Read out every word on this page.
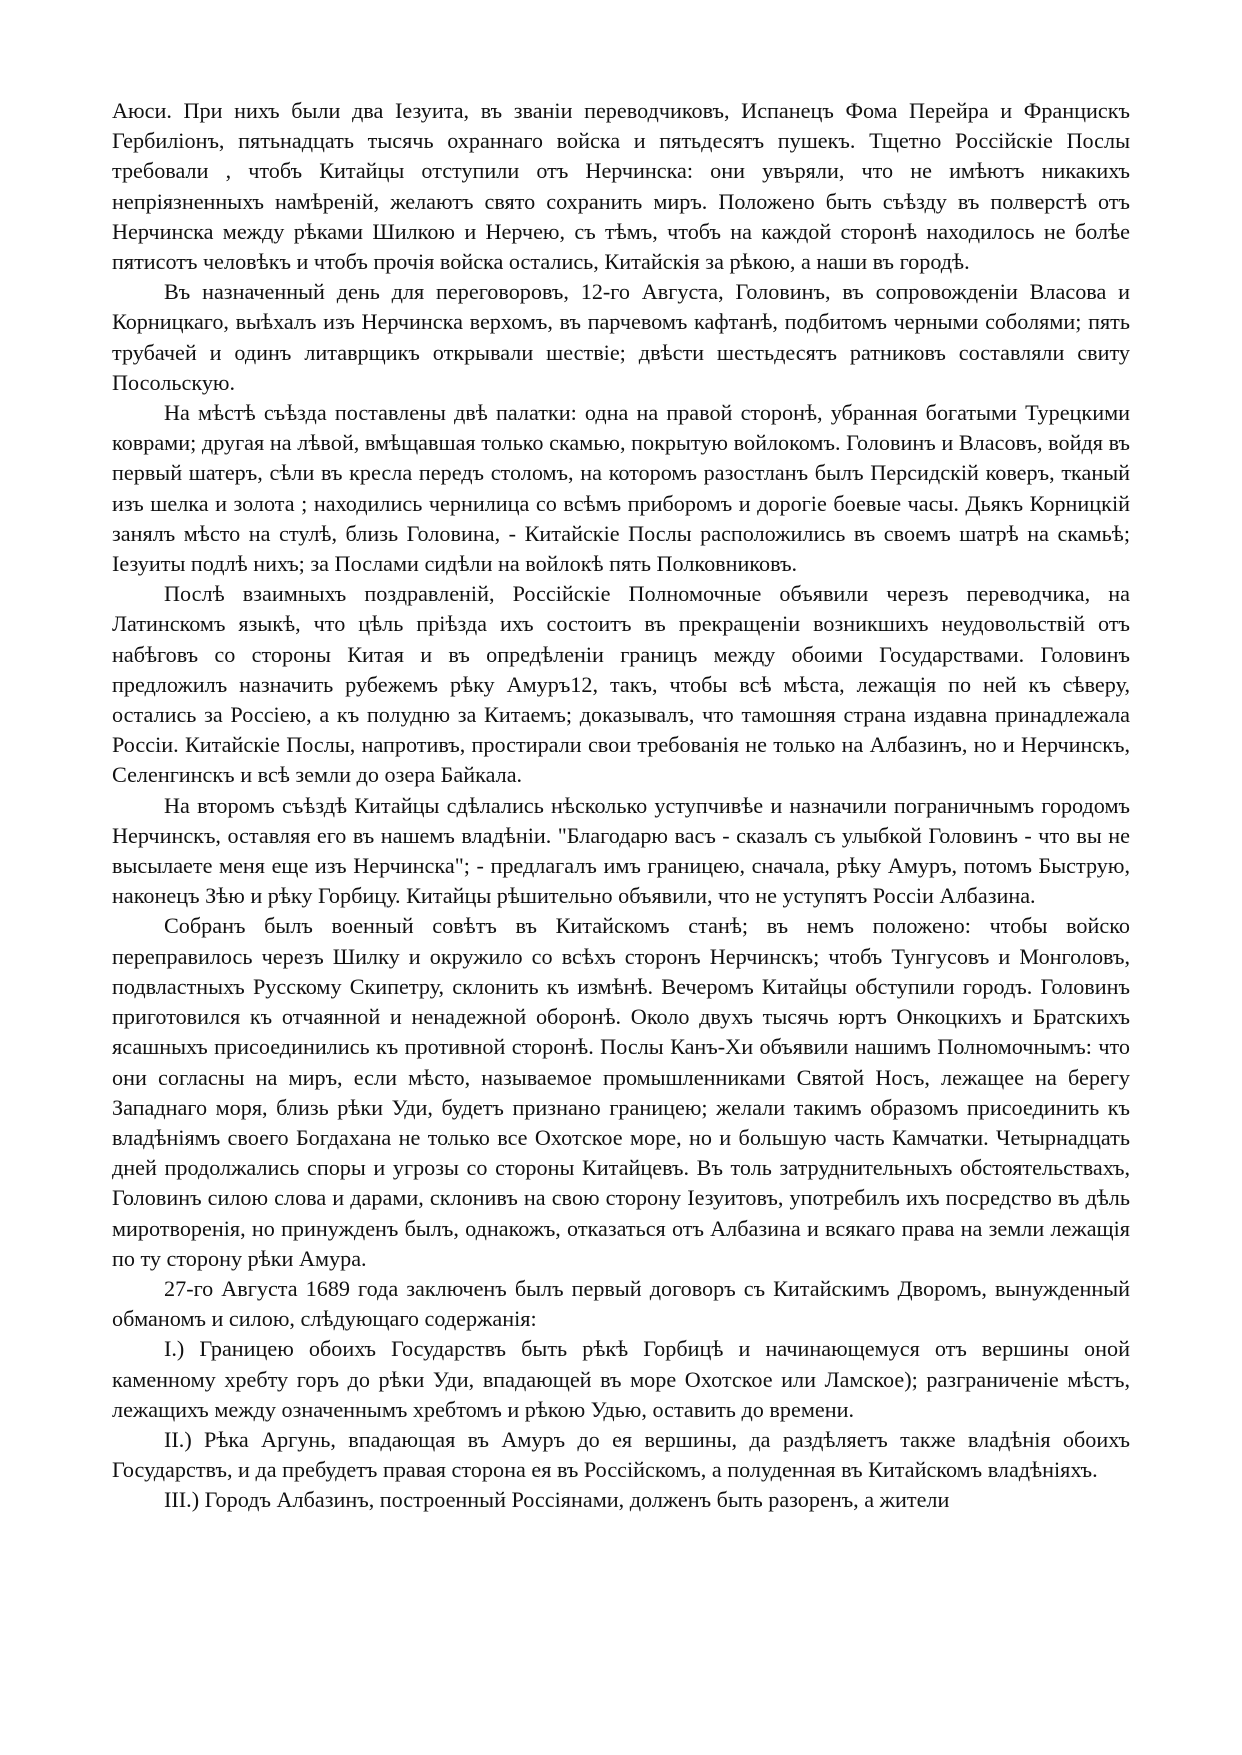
Аюси. При нихъ были два Iезуита, въ званiи переводчиковъ, Испанецъ Фома Перейра и Францискъ Гербилiонъ, пятьнадцать тысячь охраннаго войска и пятьдесятъ пушекъ. Тщетно Россiйскiе Послы требовали , чтобъ Китайцы отступили отъ Нерчинска: они увъряли, что не имѣютъ никакихъ непрiязненныхъ намѣренiй, желаютъ свято сохранить миръ. Положено быть съѣзду въ полверстѣ отъ Нерчинска между рѣками Шилкою и Нерчею, съ тѣмъ, чтобъ на каждой сторонѣ находилось не болѣе пятисотъ человѣкъ и чтобъ прочiя войска остались, Китайскiя за рѣкою, а наши въ городѣ.

Въ назначенный день для переговоровъ, 12-го Августа, Головинъ, въ сопровожденiи Власова и Корницкаго, выѣхалъ изъ Нерчинска верхомъ, въ парчевомъ кафтанѣ, подбитомъ черными соболями; пять трубачей и одинъ литаврщикъ открывали шествiе; двѣсти шестьдесятъ ратниковъ составляли свиту Посольскую.

На мѣстѣ съѣзда поставлены двѣ палатки: одна на правой сторонѣ, убранная богатыми Турецкими коврами; другая на лѣвой, вмѣщавшая только скамью, покрытую войлокомъ. Головинъ и Власовъ, войдя въ первый шатеръ, сѣли въ кресла передъ столомъ, на которомъ разостланъ былъ Персидскiй коверъ, тканый изъ шелка и золота ; находились чернилица со всѣмъ приборомъ и дорогiе боевые часы. Дьякъ Корницкiй занялъ мѣсто на стулѣ, близь Головина, - Китайскiе Послы расположились въ своемъ шатрѣ на скамьѣ; Iезуиты подлѣ нихъ; за Послами сидѣли на войлокѣ пять Полковниковъ.

Послѣ взаимныхъ поздравленiй, Россiйскiе Полномочные объявили черезъ переводчика, на Латинскомъ языкѣ, что цѣль прiѣзда ихъ состоитъ въ прекращенiи возникшихъ неудовольствiй отъ набѣговъ со стороны Китая и въ опредѣленiи границъ между обоими Государствами. Головинъ предложилъ назначить рубежемъ рѣку Амуръ12, такъ, чтобы всѣ мѣста, лежащiя по ней къ сѣверу, остались за Россiею, а къ полудню за Китаемъ; доказывалъ, что тамошняя страна издавна принадлежала Россiи. Китайскiе Послы, напротивъ, простирали свои требованiя не только на Албазинъ, но и Нерчинскъ, Селенгинскъ и всѣ земли до озера Байкала.

На второмъ съѣздѣ Китайцы сдѣлались нѣсколько уступчивѣе и назначили пограничнымъ городомъ Нерчинскъ, оставляя его въ нашемъ владѣнiи. "Благодарю васъ - сказалъ съ улыбкой Головинъ - что вы не высылаете меня еще изъ Нерчинска"; - предлагалъ имъ границею, сначала, рѣку Амуръ, потомъ Быструю, наконецъ Зѣю и рѣку Горбицу. Китайцы рѣшительно объявили, что не уступятъ Россiи Албазина.

Собранъ былъ военный совѣтъ въ Китайскомъ станѣ; въ немъ положено: чтобы войско переправилось черезъ Шилку и окружило со всѣхъ сторонъ Нерчинскъ; чтобъ Тунгусовъ и Монголовъ, подвластныхъ Русскому Скипетру, склонить къ измѣнѣ. Вечеромъ Китайцы обступили городъ. Головинъ приготовился къ отчаянной и ненадежной оборонѣ. Около двухъ тысячь юртъ Онкоцкихъ и Братскихъ ясашныхъ присоединились къ противной сторонѣ. Послы Канъ-Хи объявили нашимъ Полномочнымъ: что они согласны на миръ, если мѣсто, называемое промышленниками Святой Носъ, лежащее на берегу Западнаго моря, близь рѣки Уди, будетъ признано границею; желали такимъ образомъ присоединить къ владѣнiямъ своего Богдахана не только все Охотское море, но и большую часть Камчатки. Четырнадцать дней продолжались споры и угрозы со стороны Китайцевъ. Въ толь затруднительныхъ обстоятельствахъ, Головинъ силою слова и дарами, склонивъ на свою сторону Iезуитовъ, употребилъ ихъ посредство въ дѣль миротворенiя, но принужденъ былъ, однакожъ, отказаться отъ Албазина и всякаго права на земли лежащiя по ту сторону рѣки Амура.

27-го Августа 1689 года заключенъ былъ первый договоръ съ Китайскимъ Дворомъ, вынужденный обманомъ и силою, слѣдующаго содержанiя:

I.) Границею обоихъ Государствъ быть рѣкѣ Горбицѣ и начинающемуся отъ вершины оной каменному хребту горъ до рѣки Уди, впадающей въ море Охотское или Ламское); разграниченiе мѣстъ, лежащихъ между означеннымъ хребтомъ и рѣкою Удью, оставить до времени.

II.) Рѣка Аргунь, впадающая въ Амуръ до ея вершины, да раздѣляетъ также владѣнiя обоихъ Государствъ, и да пребудетъ правая сторона ея въ Россiйскомъ, а полуденная въ Китайскомъ владѣнiяхъ.

III.) Городъ Албазинъ, построенный Россiянами, долженъ быть разоренъ, а жители
